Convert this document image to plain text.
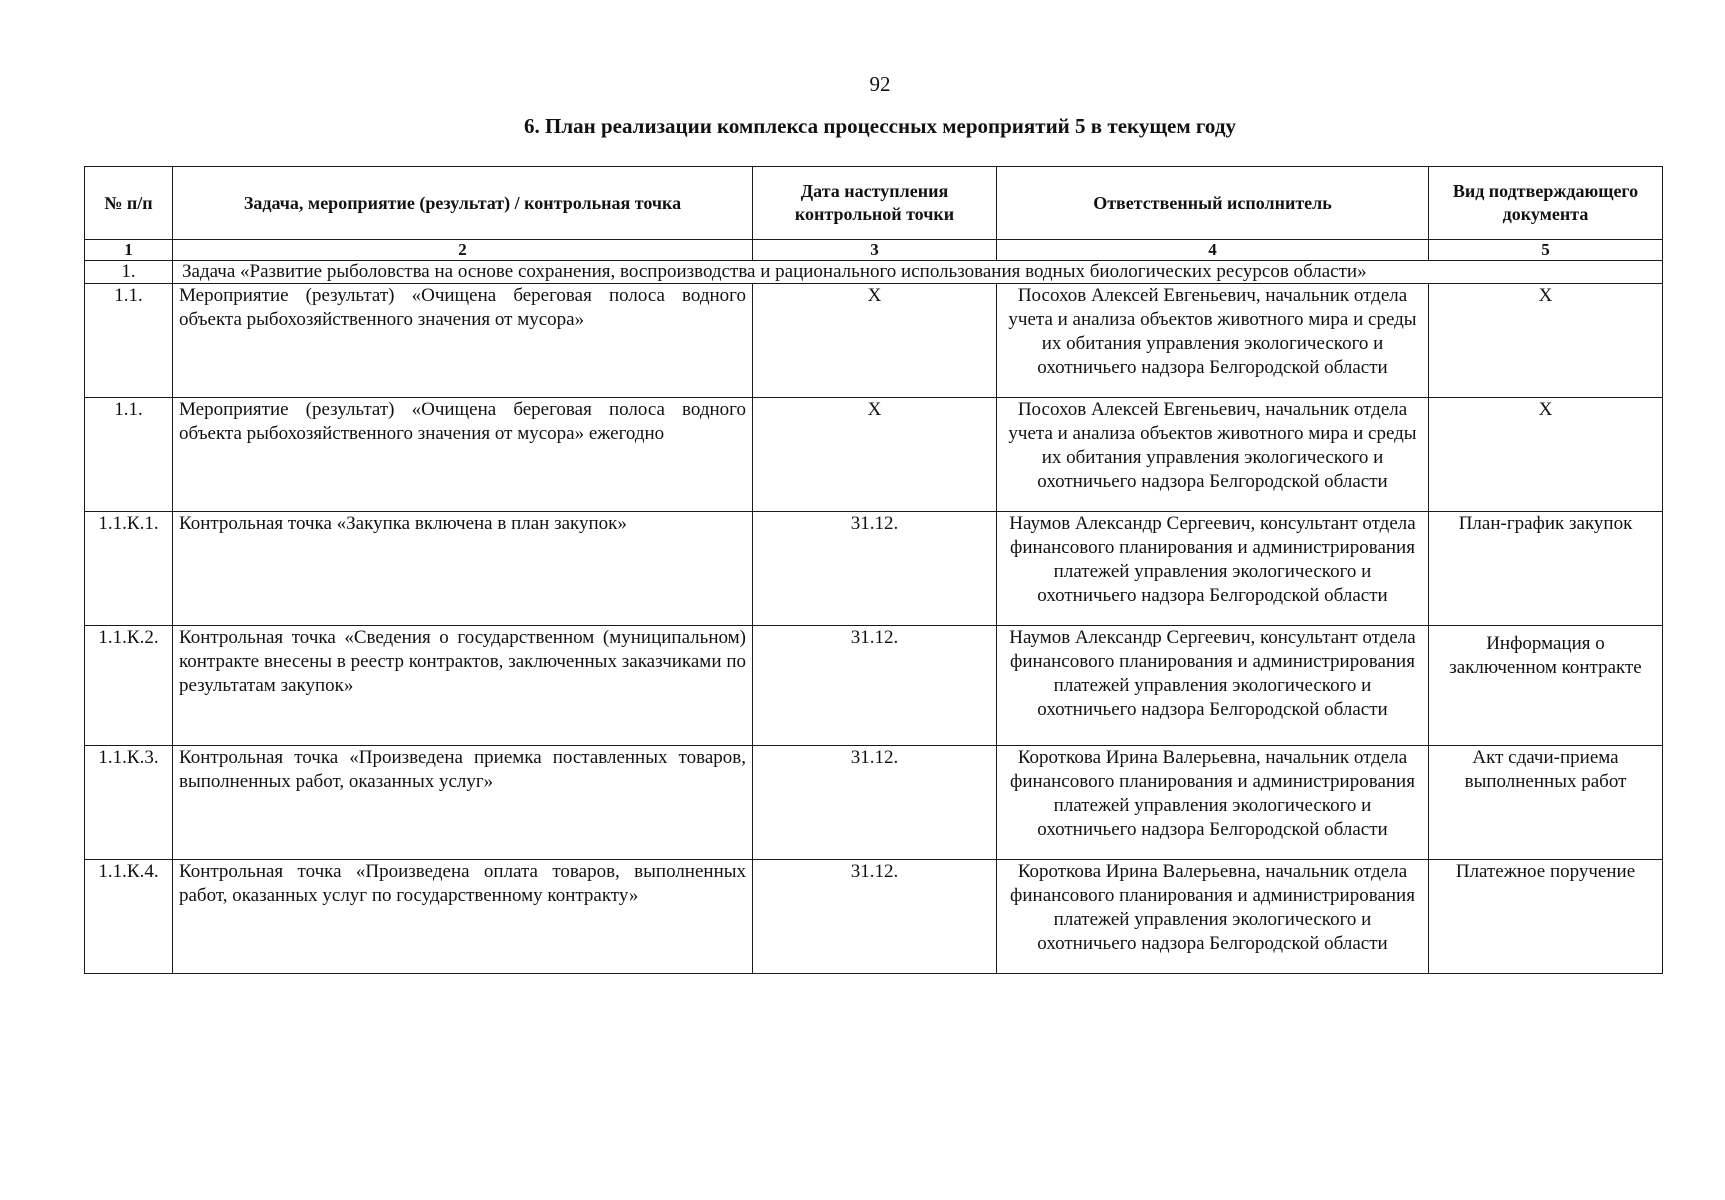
92
6. План реализации комплекса процессных мероприятий 5 в текущем году
№ п/п	Задача, мероприятие (результат) / контрольная точка	Дата наступления контрольной точки	Ответственный исполнитель	Вид подтверждающего документа
1	2	3	4	5
1.	Задача «Развитие рыболовства на основе сохранения, воспроизводства и рационального использования водных биологических ресурсов области»			
1.1.	Мероприятие (результат) «Очищена береговая полоса водного объекта рыбохозяйственного значения от мусора»	X	Посохов Алексей Евгеньевич, начальник отдела учета и анализа объектов животного мира и среды их обитания управления экологического и охотничьего надзора Белгородской области	X
1.1.	Мероприятие (результат) «Очищена береговая полоса водного объекта рыбохозяйственного значения от мусора» ежегодно	X	Посохов Алексей Евгеньевич, начальник отдела учета и анализа объектов животного мира и среды их обитания управления экологического и охотничьего надзора Белгородской области	X
1.1.К.1.	Контрольная точка «Закупка включена в план закупок»	31.12.	Наумов Александр Сергеевич, консультант отдела финансового планирования и администрирования платежей управления экологического и охотничьего надзора Белгородской области	План-график закупок
1.1.К.2.	Контрольная точка «Сведения о государственном (муниципальном) контракте внесены в реестр контрактов, заключенных заказчиками по результатам закупок»	31.12.	Наумов Александр Сергеевич, консультант отдела финансового планирования и администрирования платежей управления экологического и охотничьего надзора Белгородской области	Информация о заключенном контракте
1.1.К.3.	Контрольная точка «Произведена приемка поставленных товаров, выполненных работ, оказанных услуг»	31.12.	Короткова Ирина Валерьевна, начальник отдела финансового планирования и администрирования платежей управления экологического и охотничьего надзора Белгородской области	Акт сдачи-приема выполненных работ
1.1.К.4.	Контрольная точка «Произведена оплата товаров, выполненных работ, оказанных услуг по государственному контракту»	31.12.	Короткова Ирина Валерьевна, начальник отдела финансового планирования и администрирования платежей управления экологического и охотничьего надзора Белгородской области	Платежное поручение
